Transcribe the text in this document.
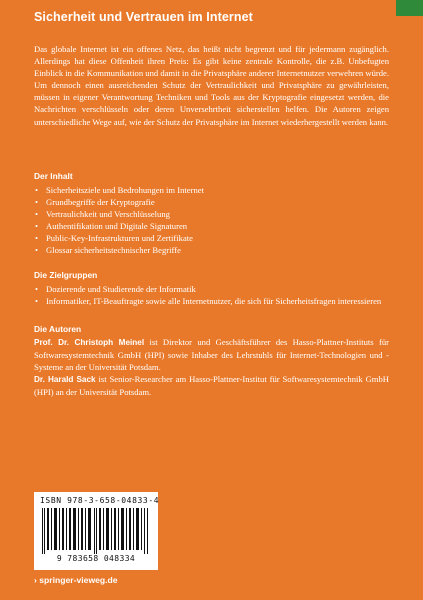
Sicherheit und Vertrauen im Internet
Das globale Internet ist ein offenes Netz, das heißt nicht begrenzt und für jedermann zugänglich. Allerdings hat diese Offenheit ihren Preis: Es gibt keine zentrale Kontrolle, die z.B. Unbefugten Einblick in die Kommunikation und damit in die Privatsphäre anderer Internetnutzer verwehren würde. Um dennoch einen ausreichenden Schutz der Vertraulichkeit und Privatsphäre zu gewährleisten, müssen in eigener Verantwortung Techniken und Tools aus der Kryptografie eingesetzt werden, die Nachrichten verschlüsseln oder deren Unversehrtheit sicherstellen helfen. Die Autoren zeigen unterschiedliche Wege auf, wie der Schutz der Privatsphäre im Internet wiederhergestellt werden kann.
Der Inhalt
• Sicherheitsziele und Bedrohungen im Internet
• Grundbegriffe der Kryptografie
• Vertraulichkeit und Verschlüsselung
• Authentifikation und Digitale Signaturen
• Public-Key-Infrastrukturen und Zertifikate
• Glossar sicherheitstechnischer Begriffe
Die Zielgruppen
• Dozierende und Studierende der Informatik
• Informatiker, IT-Beauftragte sowie alle Internetnutzer, die sich für Sicherheitsfragen interessieren
Die Autoren

Prof. Dr. Christoph Meinel ist Direktor und Geschäftsführer des Hasso-Plattner-Instituts für Softwaresystemtechnik GmbH (HPI) sowie Inhaber des Lehrstuhls für Internet-Technologien und -Systeme an der Universität Potsdam.

Dr. Harald Sack ist Senior-Researcher am Hasso-Plattner-Institut für Softwaresystemtechnik GmbH (HPI) an der Universität Potsdam.

ISBN 978-3-658-04833-4
9 783658 048334
› springer-vieweg.de
